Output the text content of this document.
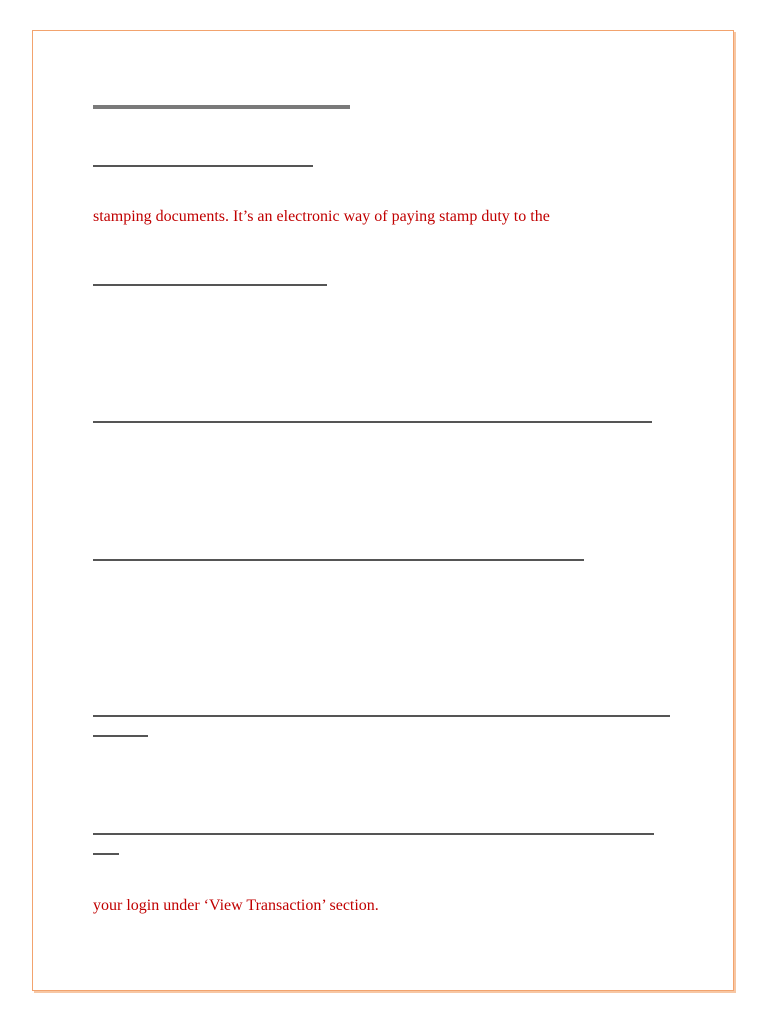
stamping documents. It’s an electronic way of paying stamp duty to the
your login under ‘View Transaction’ section.
